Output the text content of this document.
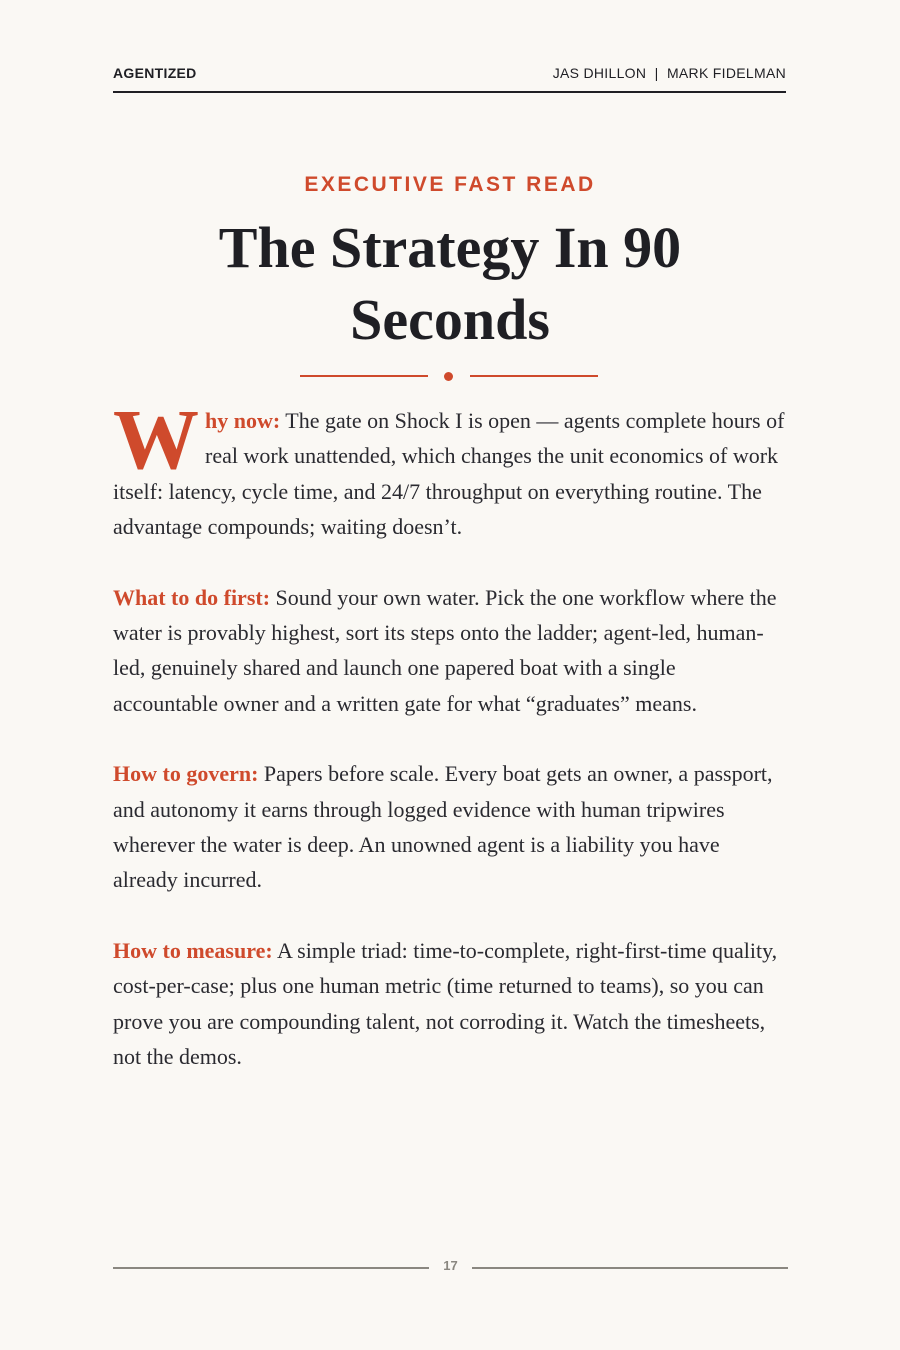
AGENTIZED	JAS DHILLON  |  MARK FIDELMAN
EXECUTIVE FAST READ
The Strategy In 90 Seconds

Why now: The gate on Shock I is open — agents complete hours of real work unattended, which changes the unit economics of work itself: latency, cycle time, and 24/7 throughput on everything routine. The advantage compounds; waiting doesn’t.

What to do first: Sound your own water. Pick the one workflow where the water is provably highest, sort its steps onto the ladder; agent-led, human-led, genuinely shared and launch one papered boat with a single accountable owner and a written gate for what “graduates” means.

How to govern: Papers before scale. Every boat gets an owner, a passport, and autonomy it earns through logged evidence with human tripwires wherever the water is deep. An unowned agent is a liability you have already incurred.

How to measure: A simple triad: time-to-complete, right-first-time quality, cost-per-case; plus one human metric (time returned to teams), so you can prove you are compounding talent, not corroding it. Watch the timesheets, not the demos.

17
